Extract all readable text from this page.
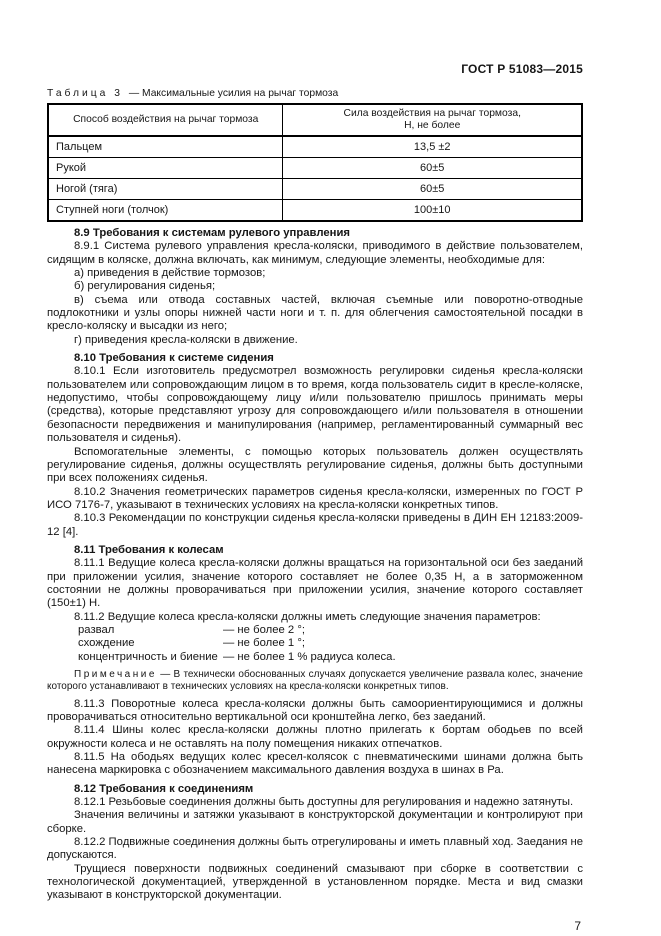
ГОСТ Р 51083—2015
Таблица 3 — Максимальные усилия на рычаг тормоза
Способ воздействия на рычаг тормоза	Сила воздействия на рычаг тормоза,
Н, не более

Пальцем	13,5 ±2
Рукой	60±5
Ногой (тяга)	60±5
Ступней ноги (толчок)	100±10
8.9 Требования к системам рулевого управления
8.9.1 Система рулевого управления кресла-коляски, приводимого в действие пользователем, сидящим в коляске, должна включать, как минимум, следующие элементы, необходимые для:
а) приведения в действие тормозов;
б) регулирования сиденья;
в) съема или отвода составных частей, включая съемные или поворотно-отводные подлокотники и узлы опоры нижней части ноги и т. п. для облегчения самостоятельной посадки в кресло-коляску и высадки из него;
г) приведения кресла-коляски в движение.
8.10 Требования к системе сидения
8.10.1 Если изготовитель предусмотрел возможность регулировки сиденья кресла-коляски пользователем или сопровождающим лицом в то время, когда пользователь сидит в кресле-коляске, недопустимо, чтобы сопровождающему лицу и/или пользователю пришлось принимать меры (средства), которые представляют угрозу для сопровождающего и/или пользователя в отношении безопасности передвижения и манипулирования (например, регламентированный суммарный вес пользователя и сиденья).
Вспомогательные элементы, с помощью которых пользователь должен осуществлять регулирование сиденья, должны осуществлять регулирование сиденья, должны быть доступными при всех положениях сиденья.
8.10.2 Значения геометрических параметров сиденья кресла-коляски, измеренных по ГОСТ Р ИСО 7176-7, указывают в технических условиях на кресла-коляски конкретных типов.
8.10.3 Рекомендации по конструкции сиденья кресла-коляски приведены в ДИН ЕН 12183:2009-12 [4].
8.11 Требования к колесам
8.11.1 Ведущие колеса кресла-коляски должны вращаться на горизонтальной оси без заеданий при приложении усилия, значение которого составляет не более 0,35 Н, а в заторможенном состоянии не должны проворачиваться при приложении усилия, значение которого составляет (150±1) Н.
8.11.2 Ведущие колеса кресла-коляски должны иметь следующие значения параметров:
развал	— не более 2 °;
схождение	— не более 1 °;
концентричность и биение — не более 1 % радиуса колеса.
Примечание — В технически обоснованных случаях допускается увеличение развала колес, значение которого устанавливают в технических условиях на кресла-коляски конкретных типов.
8.11.3 Поворотные колеса кресла-коляски должны быть самоориентирующимися и должны проворачиваться относительно вертикальной оси кронштейна легко, без заеданий.
8.11.4 Шины колес кресла-коляски должны плотно прилегать к бортам ободьев по всей окружности колеса и не оставлять на полу помещения никаких отпечатков.
8.11.5 На ободьях ведущих колес кресел-колясок с пневматическими шинами должна быть нанесена маркировка с обозначением максимального давления воздуха в шинах в Ра.
8.12 Требования к соединениям
8.12.1 Резьбовые соединения должны быть доступны для регулирования и надежно затянуты.
Значения величины и затяжки указывают в конструкторской документации и контролируют при сборке.
8.12.2 Подвижные соединения должны быть отрегулированы и иметь плавный ход. Заедания не допускаются.
Трущиеся поверхности подвижных соединений смазывают при сборке в соответствии с технологической документацией, утвержденной в установленном порядке. Места и вид смазки указывают в конструкторской документации.
7
